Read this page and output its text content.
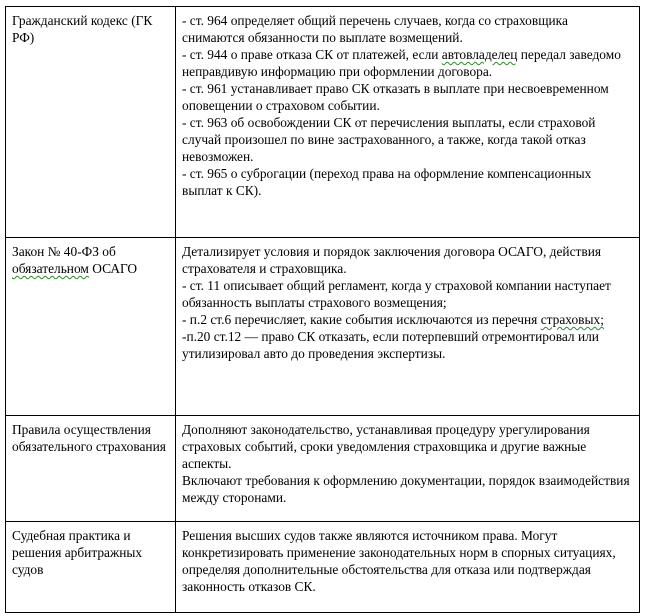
Гражданский кодекс (ГК РФ)	- ст. 964 определяет общий перечень случаев, когда со страховщика снимаются обязанности по выплате возмещений.
- ст. 944 о праве отказа СК от платежей, если автовладелец передал заведомо неправдивую информацию при оформлении договора.
- ст. 961 устанавливает право СК отказать в выплате при несвоевременном оповещении о страховом событии.
- ст. 963 об освобождении СК от перечисления выплаты, если страховой случай произошел по вине застрахованного, а также, когда такой отказ невозможен.
- ст. 965 о суброгации (переход права на оформление компенсационных выплат к СК).

Закон № 40-ФЗ об обязательном ОСАГО	Детализирует условия и порядок заключения договора ОСАГО, действия страхователя и страховщика.
- ст. 11 описывает общий регламент, когда у страховой компании наступает обязанность выплаты страхового возмещения;
- п.2 ст.6 перечисляет, какие события исключаются из перечня страховых;
-п.20 ст.12 — право СК отказать, если потерпевший отремонтировал или утилизировал авто до проведения экспертизы.

Правила осуществления обязательного страхования	Дополняют законодательство, устанавливая процедуру урегулирования страховых событий, сроки уведомления страховщика и другие важные аспекты.
Включают требования к оформлению документации, порядок взаимодействия между сторонами.

Судебная практика и решения арбитражных судов	Решения высших судов также являются источником права. Могут конкретизировать применение законодательных норм в спорных ситуациях, определяя дополнительные обстоятельства для отказа или подтверждая законность отказов СК.
